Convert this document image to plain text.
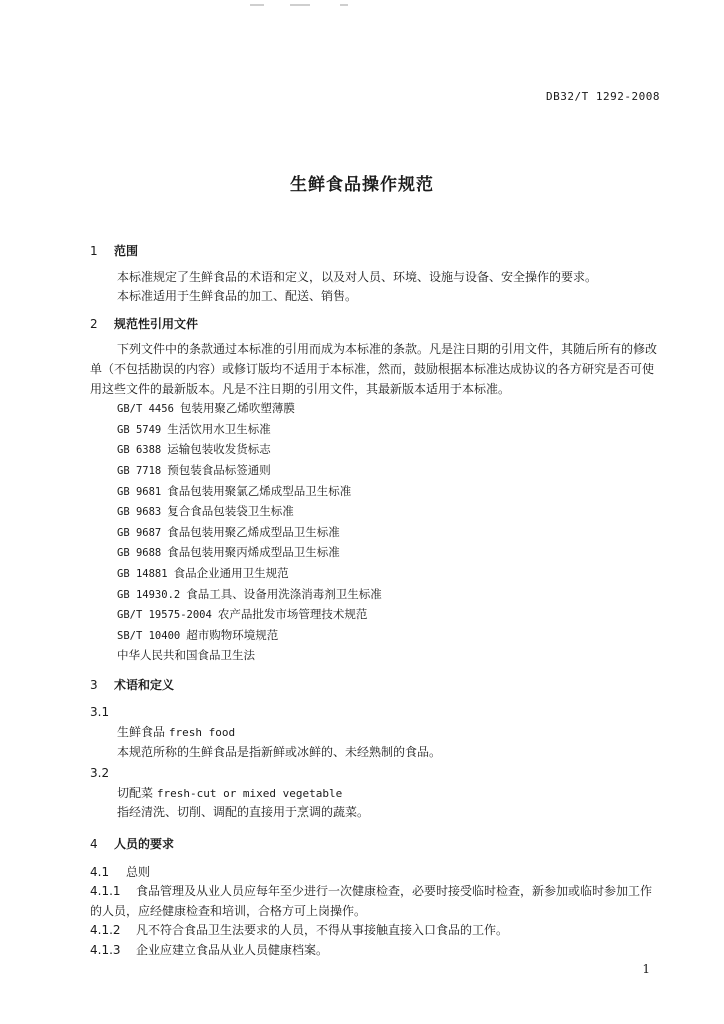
DB32/T 1292-2008
生鲜食品操作规范
1 范围
本标准规定了生鲜食品的术语和定义，以及对人员、环境、设施与设备、安全操作的要求。
本标准适用于生鲜食品的加工、配送、销售。
2 规范性引用文件
下列文件中的条款通过本标准的引用而成为本标准的条款。凡是注日期的引用文件，其随后所有的修改单（不包括勘误的内容）或修订版均不适用于本标准，然而，鼓励根据本标准达成协议的各方研究是否可使用这些文件的最新版本。凡是不注日期的引用文件，其最新版本适用于本标准。
GB/T 4456 包装用聚乙烯吹塑薄膜
GB 5749 生活饮用水卫生标准
GB 6388 运输包装收发货标志
GB 7718 预包装食品标签通则
GB 9681 食品包装用聚氯乙烯成型品卫生标准
GB 9683 复合食品包装袋卫生标准
GB 9687 食品包装用聚乙烯成型品卫生标准
GB 9688 食品包装用聚丙烯成型品卫生标准
GB 14881 食品企业通用卫生规范
GB 14930.2 食品工具、设备用洗涤消毒剂卫生标准
GB/T 19575-2004 农产品批发市场管理技术规范
SB/T 10400 超市购物环境规范
中华人民共和国食品卫生法
3 术语和定义
3.1
生鲜食品 fresh food
本规范所称的生鲜食品是指新鲜或冰鲜的、未经熟制的食品。
3.2
切配菜 fresh-cut or mixed vegetable
指经清洗、切削、调配的直接用于烹调的蔬菜。
4 人员的要求
4.1 总则
4.1.1 食品管理及从业人员应每年至少进行一次健康检查，必要时接受临时检查，新参加或临时参加工作的人员，应经健康检查和培训，合格方可上岗操作。
4.1.2 凡不符合食品卫生法要求的人员，不得从事接触直接入口食品的工作。
4.1.3 企业应建立食品从业人员健康档案。
1
